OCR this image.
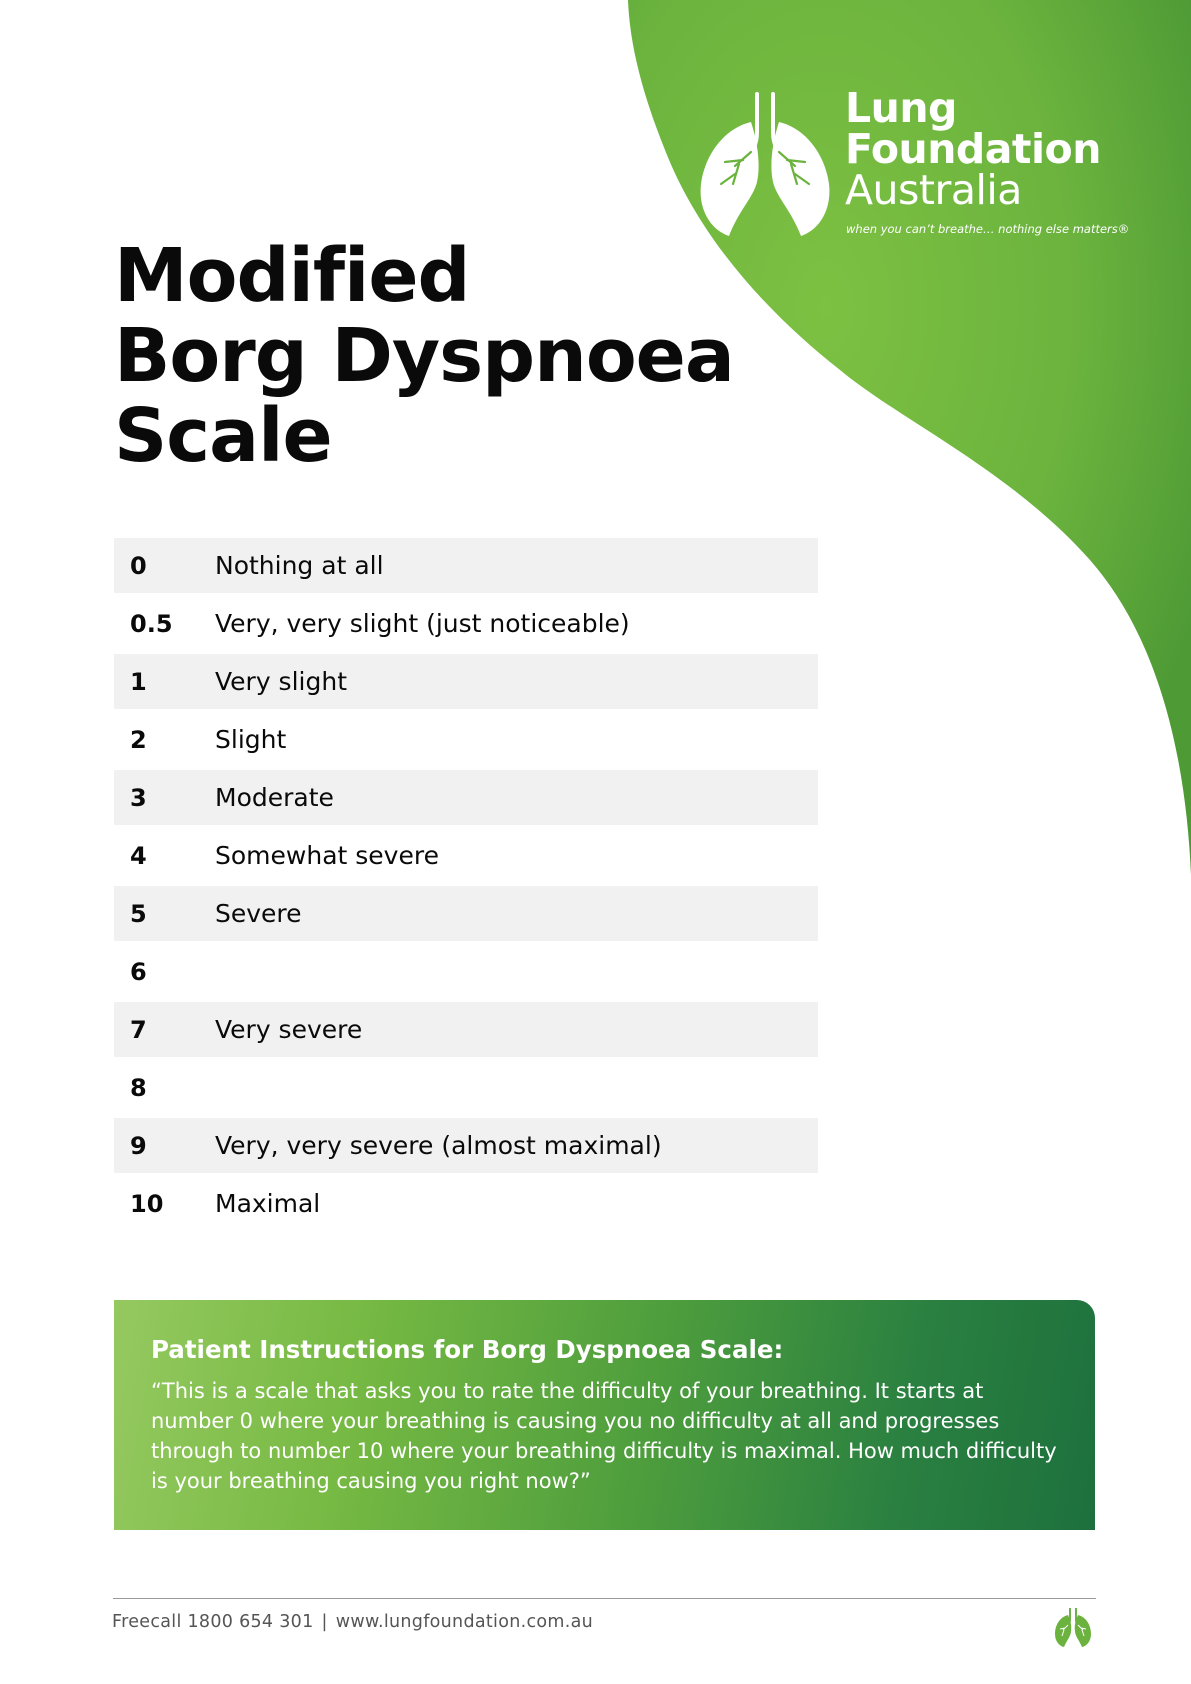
Lung
Foundation
Australia
when you can’t breathe… nothing else matters®
Modified
Borg Dyspnoea
Scale
0	Nothing at all
0.5	Very, very slight (just noticeable)
1	Very slight
2	Slight
3	Moderate
4	Somewhat severe
5	Severe
6
7	Very severe
8
9	Very, very severe (almost maximal)
10	Maximal
Patient Instructions for Borg Dyspnoea Scale:
“This is a scale that asks you to rate the difficulty of your breathing. It starts at number 0 where your breathing is causing you no difficulty at all and progresses through to number 10 where your breathing difficulty is maximal. How much difficulty is your breathing causing you right now?”
Freecall 1800 654 301 | www.lungfoundation.com.au
